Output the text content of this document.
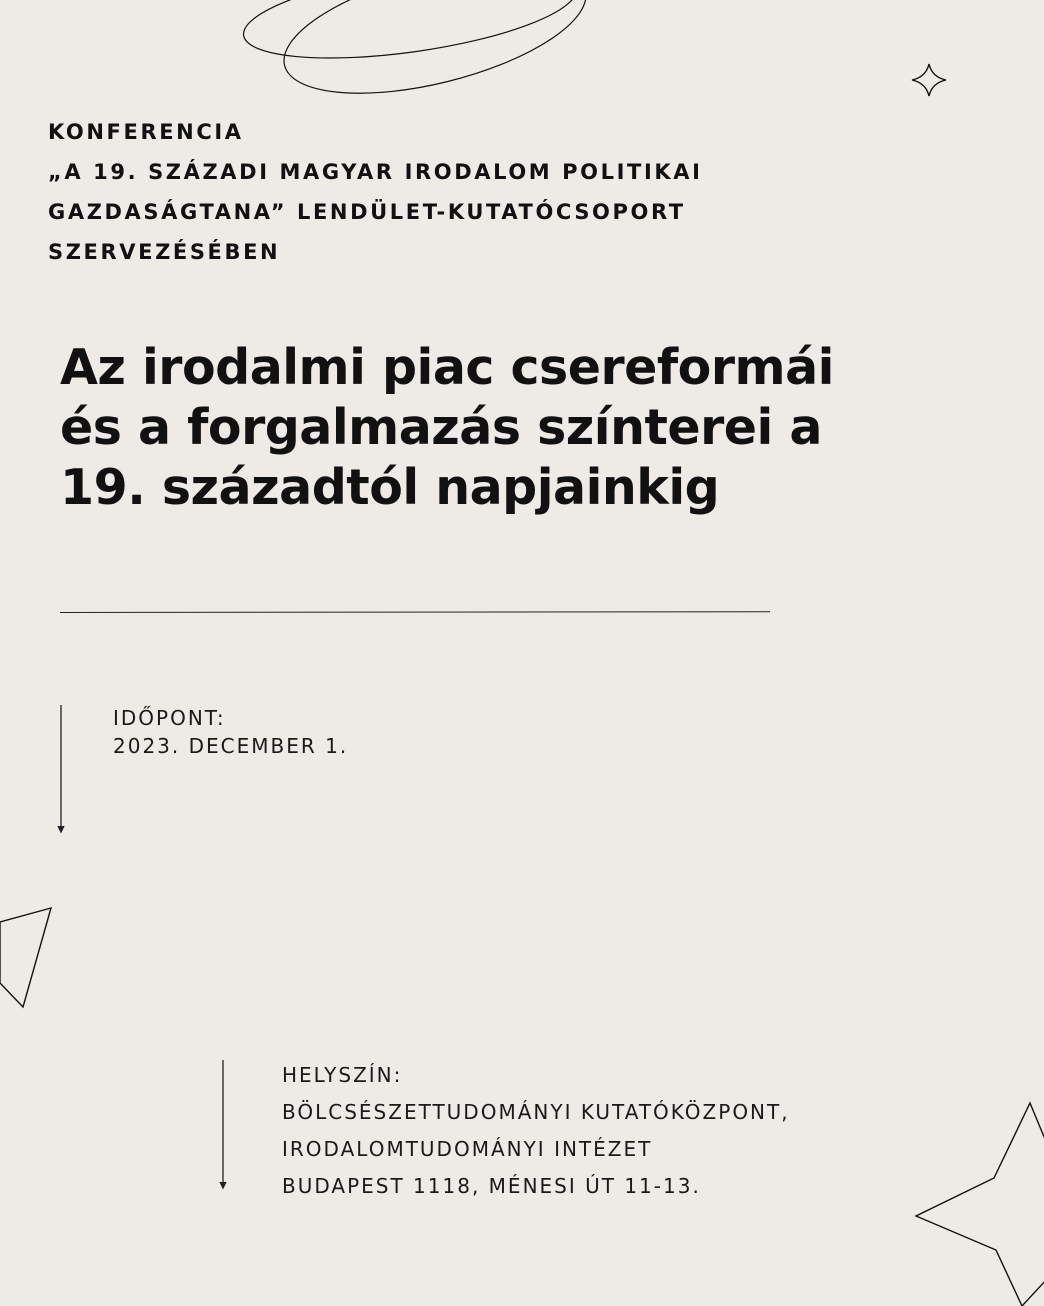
KONFERENCIA
„A 19. SZÁZADI MAGYAR IRODALOM POLITIKAI
GAZDASÁGTANA” LENDÜLET-KUTATÓCSOPORT
SZERVEZÉSÉBEN
Az irodalmi piac csereformái
és a forgalmazás színterei a
19. századtól napjainkig
IDŐPONT:
2023. DECEMBER 1.
HELYSZÍN:
BÖLCSÉSZETTUDOMÁNYI KUTATÓKÖZPONT,
IRODALOMTUDOMÁNYI INTÉZET
BUDAPEST 1118, MÉNESI ÚT 11-13.
